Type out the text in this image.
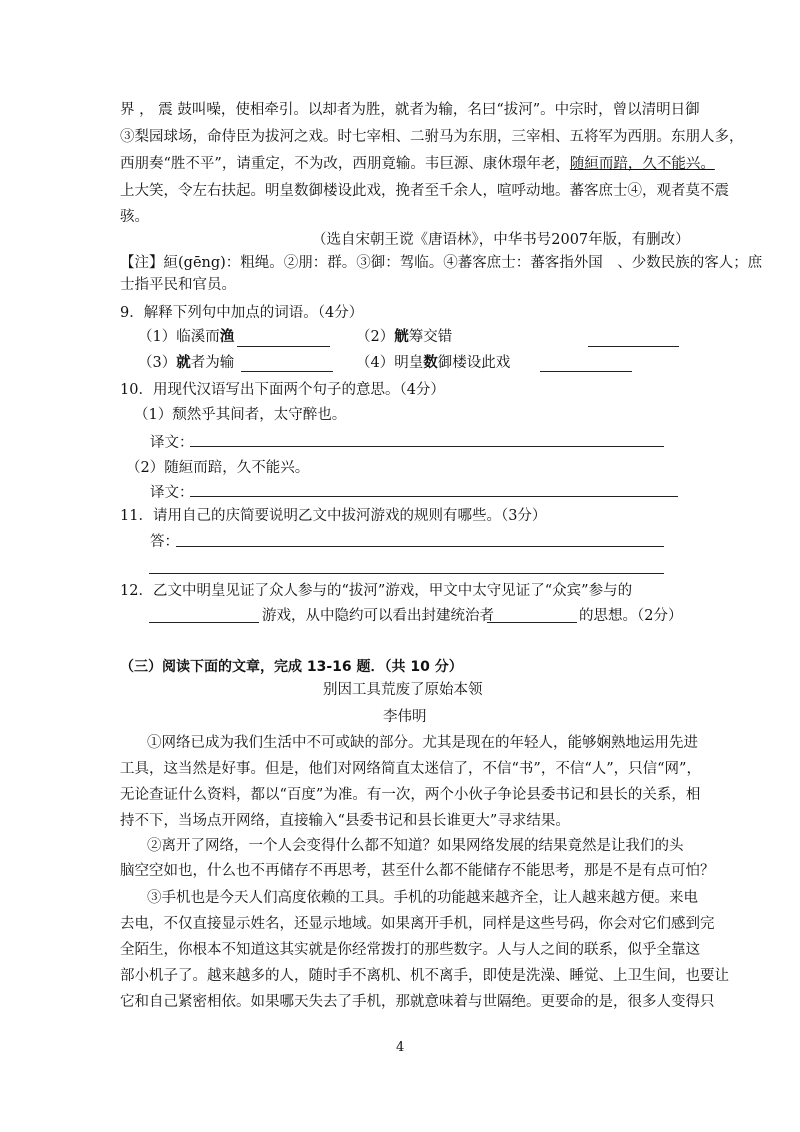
界 ， 震 鼓叫噪，使相牵引。以却者为胜，就者为输，名曰“拔河”。中宗时，曾以清明日御
③梨园球场，命侍臣为拔河之戏。时七宰相、二驸马为东朋，三宰相、五将军为西朋。东朋人多，
西朋奏“胜不平”，请重定，不为改，西朋竟输。韦巨源、康休璟年老，随絙而踣，久不能兴。
上大笑，令左右扶起。明皇数御楼设此戏，挽者至千余人，喧呼动地。蕃客庶士④，观者莫不震
骇。
（选自宋朝王谠《唐语林》，中华书号2007年版，有删改）
【注】絙(gēng)：粗绳。②朋：群。③御：驾临。④蕃客庶士：蕃客指外国　、少数民族的客人；庶
士指平民和官员。
9．解释下列句中加点的词语。（4分）
（1）临溪而渔	（2）觥筹交错
（3）就者为输	（4）明皇数御楼设此戏
10．用现代汉语写出下面两个句子的意思。（4分）
（1）颓然乎其间者，太守醉也。
译文：
（2）随絙而踣，久不能兴。
译文：
11．请用自己的庆简要说明乙文中拔河游戏的规则有哪些。（3分）
答：
12．乙文中明皇见证了众人参与的“拔河”游戏，甲文中太守见证了“众宾”参与的
游戏，从中隐约可以看出封建统治者	的思想。（2分）
（三）阅读下面的文章，完成 13-16 题．（共 10 分）
别因工具荒废了原始本领
李伟明
①网络已成为我们生活中不可或缺的部分。尤其是现在的年轻人，能够娴熟地运用先进
工具，这当然是好事。但是，他们对网络简直太迷信了，不信“书”，不信“人”，只信“网”，
无论查证什么资料，都以“百度”为准。有一次，两个小伙子争论县委书记和县长的关系，相
持不下，当场点开网络，直接输入“县委书记和县长谁更大”寻求结果。
②离开了网络，一个人会变得什么都不知道？如果网络发展的结果竟然是让我们的头
脑空空如也，什么也不再储存不再思考，甚至什么都不能储存不能思考，那是不是有点可怕？
③手机也是今天人们高度依赖的工具。手机的功能越来越齐全，让人越来越方便。来电
去电，不仅直接显示姓名，还显示地域。如果离开手机，同样是这些号码，你会对它们感到完
全陌生，你根本不知道这其实就是你经常拨打的那些数字。人与人之间的联系，似乎全靠这
部小机子了。越来越多的人，随时手不离机、机不离手，即使是洗澡、睡觉、上卫生间，也要让
它和自己紧密相依。如果哪天失去了手机，那就意味着与世隔绝。更要命的是，很多人变得只
4
